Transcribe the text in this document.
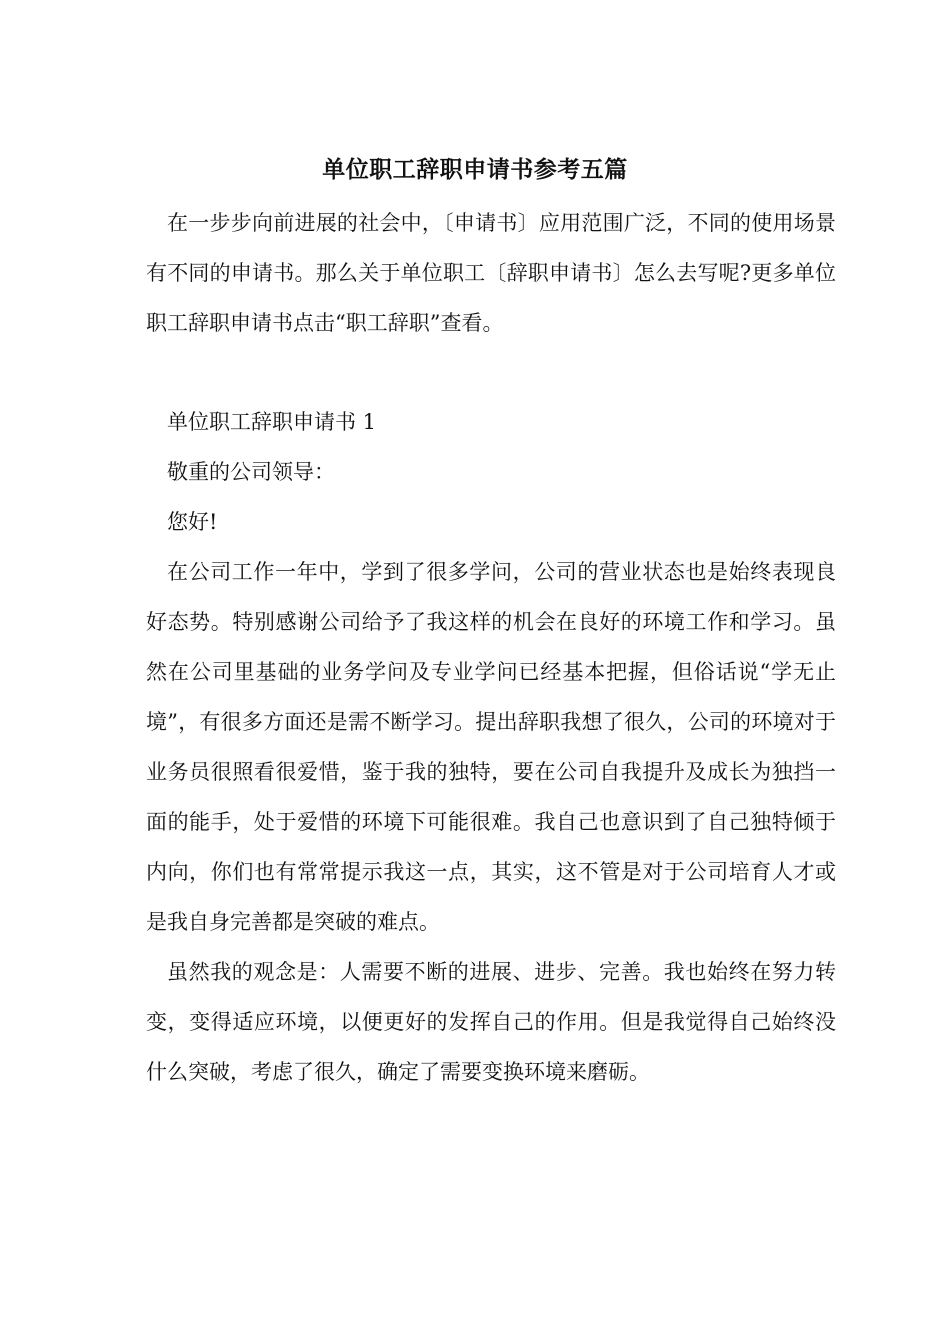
单位职工辞职申请书参考五篇

在一步步向前进展的社会中，〔申请书〕应用范围广泛，不同的使用场景有不同的申请书。那么关于单位职工〔辞职申请书〕怎么去写呢?更多单位职工辞职申请书点击“职工辞职”查看。

单位职工辞职申请书 1

敬重的公司领导：

您好!

在公司工作一年中，学到了很多学问，公司的营业状态也是始终表现良好态势。特别感谢公司给予了我这样的机会在良好的环境工作和学习。虽然在公司里基础的业务学问及专业学问已经基本把握，但俗话说“学无止境”，有很多方面还是需不断学习。提出辞职我想了很久，公司的环境对于业务员很照看很爱惜，鉴于我的独特，要在公司自我提升及成长为独挡一面的能手，处于爱惜的环境下可能很难。我自己也意识到了自己独特倾于内向，你们也有常常提示我这一点，其实，这不管是对于公司培育人才或是我自身完善都是突破的难点。

虽然我的观念是：人需要不断的进展、进步、完善。我也始终在努力转变，变得适应环境，以便更好的发挥自己的作用。但是我觉得自己始终没什么突破，考虑了很久，确定了需要变换环境来磨砺。
